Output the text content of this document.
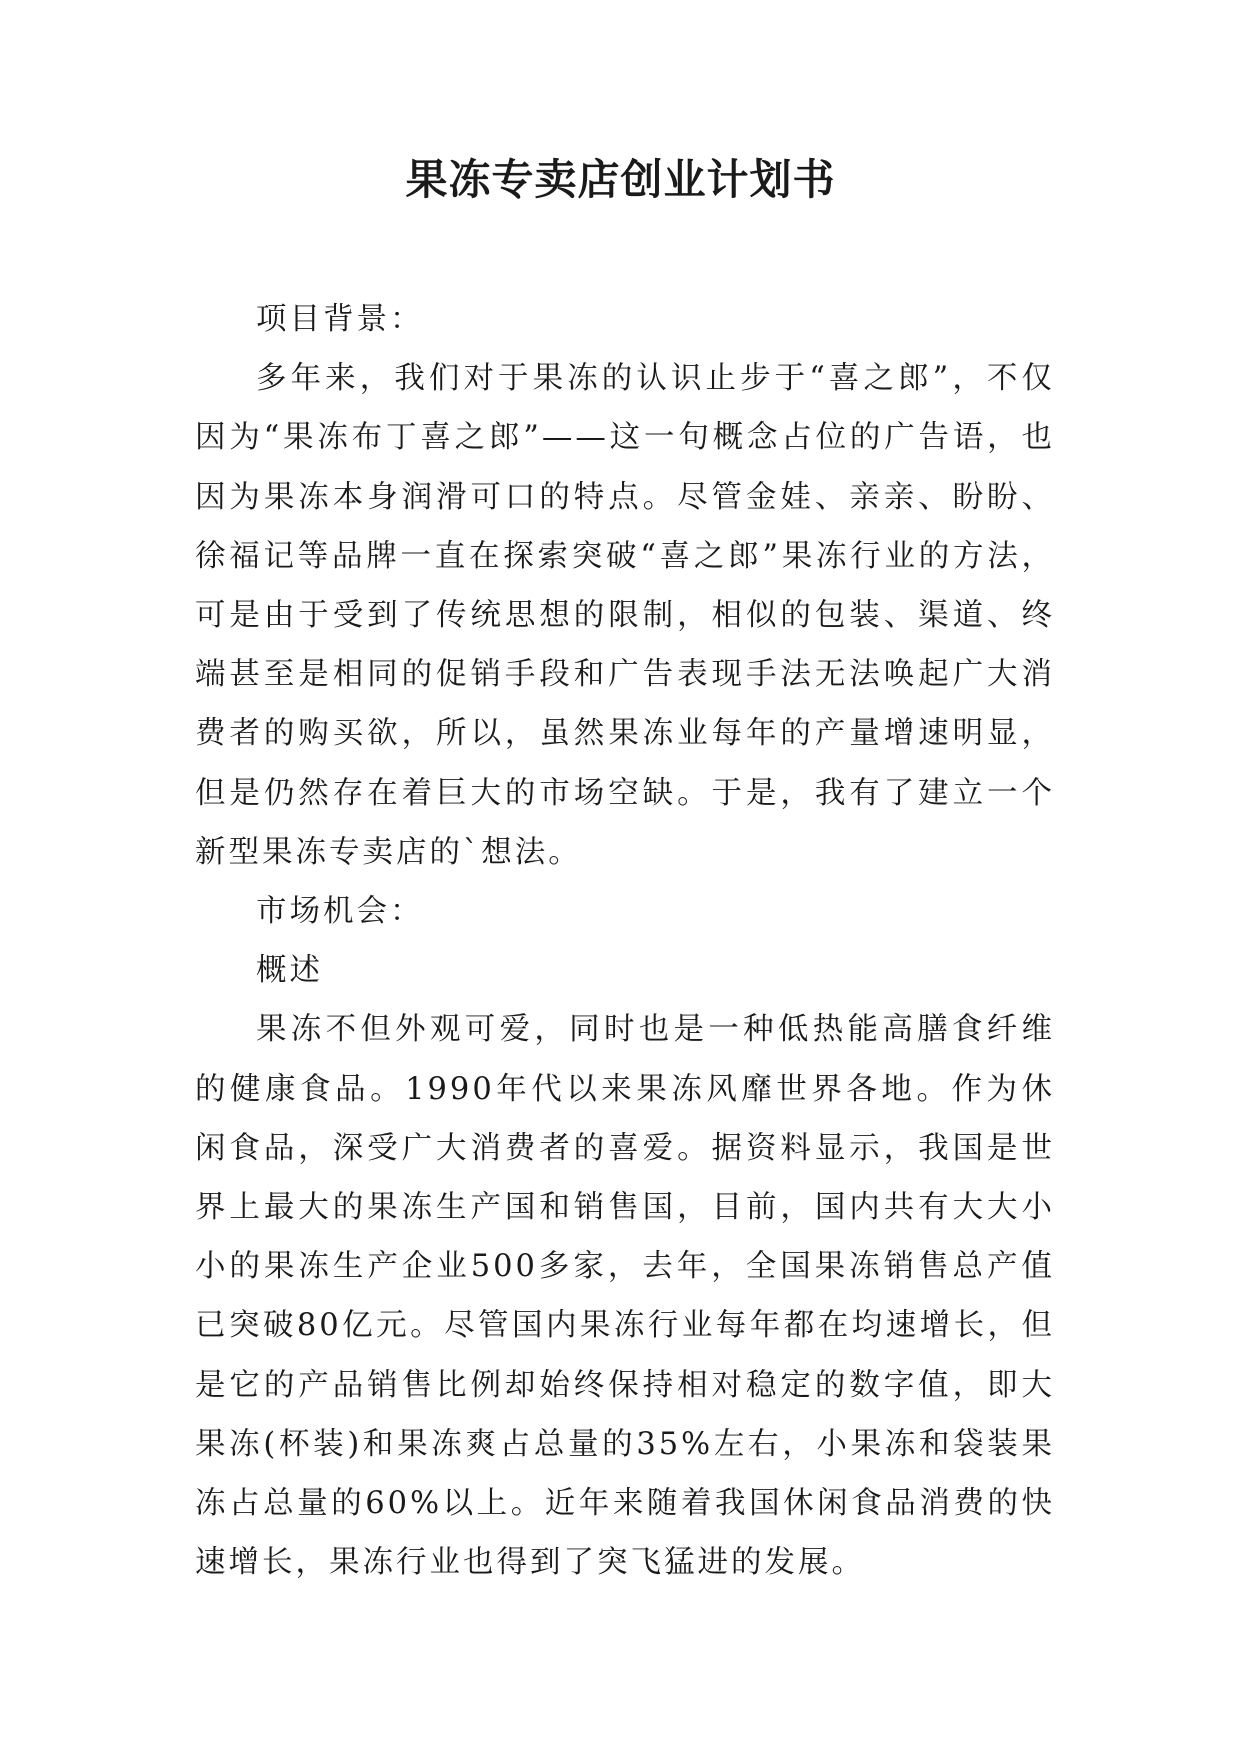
果冻专卖店创业计划书

项目背景：

多年来，我们对于果冻的认识止步于“喜之郎”，不仅因为“果冻布丁喜之郎”——这一句概念占位的广告语，也因为果冻本身润滑可口的特点。尽管金娃、亲亲、盼盼、徐福记等品牌一直在探索突破“喜之郎”果冻行业的方法，可是由于受到了传统思想的限制，相似的包装、渠道、终端甚至是相同的促销手段和广告表现手法无法唤起广大消费者的购买欲，所以，虽然果冻业每年的产量增速明显，但是仍然存在着巨大的市场空缺。于是，我有了建立一个新型果冻专卖店的`想法。

市场机会：

概述

果冻不但外观可爱，同时也是一种低热能高膳食纤维的健康食品。1990年代以来果冻风靡世界各地。作为休闲食品，深受广大消费者的喜爱。据资料显示，我国是世界上最大的果冻生产国和销售国，目前，国内共有大大小小的果冻生产企业500多家，去年，全国果冻销售总产值已突破80亿元。尽管国内果冻行业每年都在均速增长，但是它的产品销售比例却始终保持相对稳定的数字值，即大果冻(杯装)和果冻爽占总量的35%左右，小果冻和袋装果冻占总量的60%以上。近年来随着我国休闲食品消费的快速增长，果冻行业也得到了突飞猛进的发展。
